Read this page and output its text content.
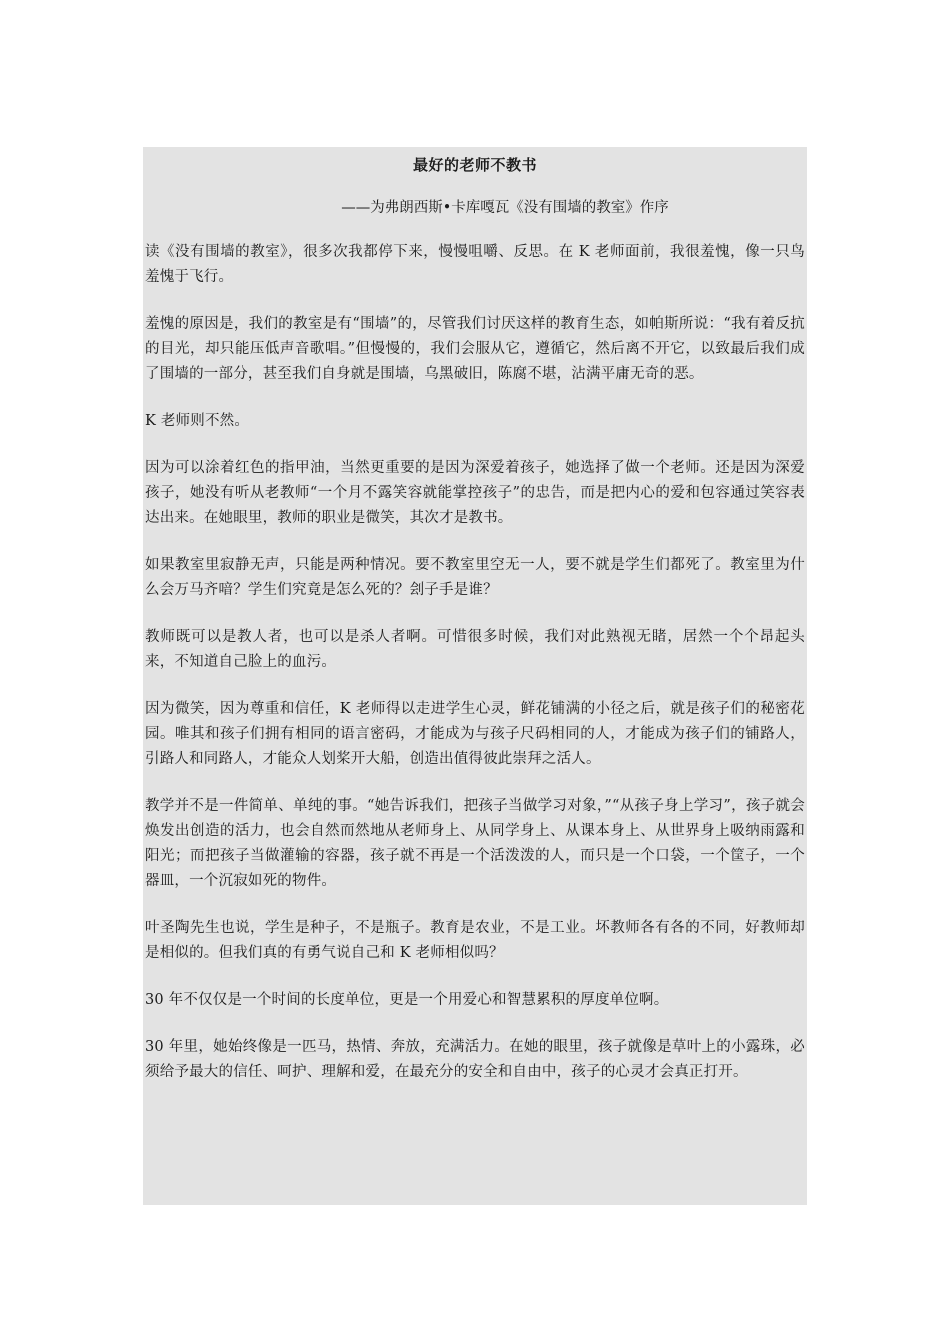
最好的老师不教书
——为弗朗西斯•卡库嘎瓦《没有围墙的教室》作序

读《没有围墙的教室》，很多次我都停下来，慢慢咀嚼、反思。在 K 老师面前，我很羞愧，像一只鸟羞愧于飞行。

羞愧的原因是，我们的教室是有“围墙”的，尽管我们讨厌这样的教育生态，如帕斯所说：“我有着反抗的目光，却只能压低声音歌唱。”但慢慢的，我们会服从它，遵循它，然后离不开它，以致最后我们成了围墙的一部分，甚至我们自身就是围墙，乌黑破旧，陈腐不堪，沾满平庸无奇的恶。

K 老师则不然。

因为可以涂着红色的指甲油，当然更重要的是因为深爱着孩子，她选择了做一个老师。还是因为深爱孩子，她没有听从老教师“一个月不露笑容就能掌控孩子”的忠告，而是把内心的爱和包容通过笑容表达出来。在她眼里，教师的职业是微笑，其次才是教书。

如果教室里寂静无声，只能是两种情况。要不教室里空无一人，要不就是学生们都死了。教室里为什么会万马齐喑？学生们究竟是怎么死的？刽子手是谁？

教师既可以是教人者，也可以是杀人者啊。可惜很多时候，我们对此熟视无睹，居然一个个昂起头来，不知道自己脸上的血污。

因为微笑，因为尊重和信任，K 老师得以走进学生心灵，鲜花铺满的小径之后，就是孩子们的秘密花园。唯其和孩子们拥有相同的语言密码，才能成为与孩子尺码相同的人，才能成为孩子们的铺路人，引路人和同路人，才能众人划桨开大船，创造出值得彼此崇拜之活人。

教学并不是一件简单、单纯的事。“她告诉我们，把孩子当做学习对象，”“从孩子身上学习”，孩子就会焕发出创造的活力，也会自然而然地从老师身上、从同学身上、从课本身上、从世界身上吸纳雨露和阳光；而把孩子当做灌输的容器，孩子就不再是一个活泼泼的人，而只是一个口袋，一个筐子，一个器皿，一个沉寂如死的物件。

叶圣陶先生也说，学生是种子，不是瓶子。教育是农业，不是工业。坏教师各有各的不同，好教师却是相似的。但我们真的有勇气说自己和 K 老师相似吗？

30 年不仅仅是一个时间的长度单位，更是一个用爱心和智慧累积的厚度单位啊。

30 年里，她始终像是一匹马，热情、奔放，充满活力。在她的眼里，孩子就像是草叶上的小露珠，必须给予最大的信任、呵护、理解和爱，在最充分的安全和自由中，孩子的心灵才会真正打开。
